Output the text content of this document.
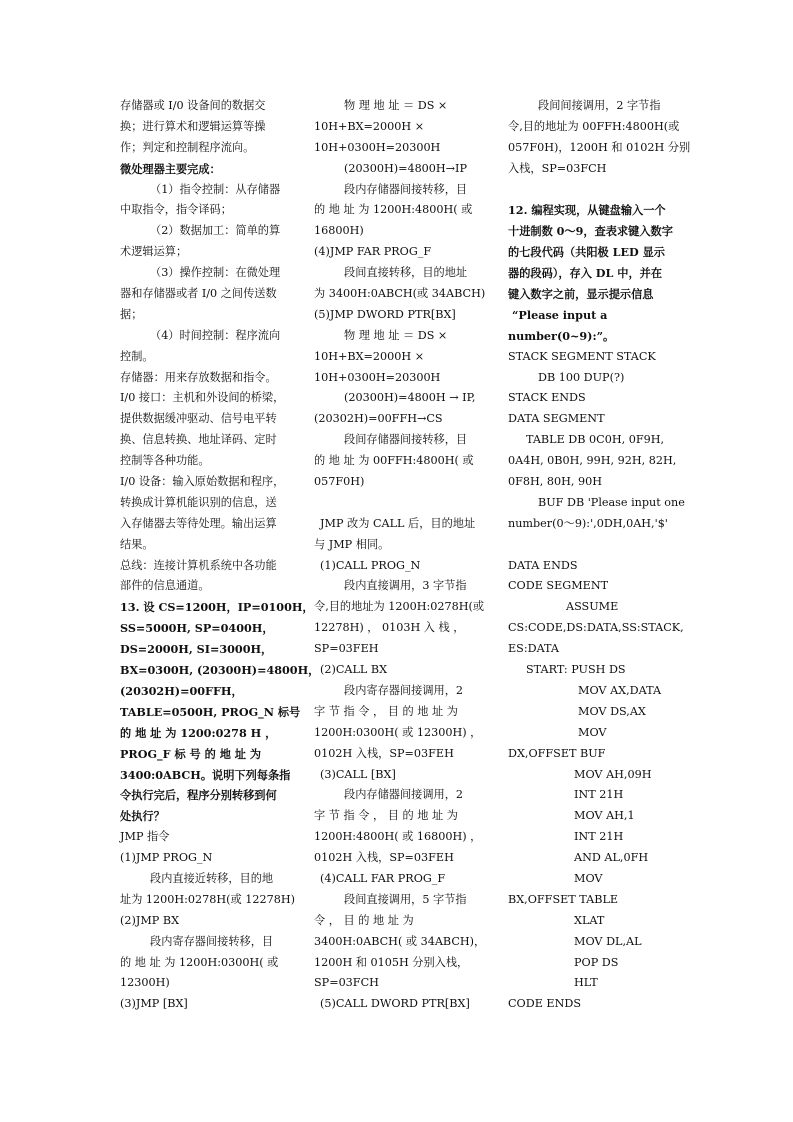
存储器或 I/0 设备间的数据交
换；进行算术和逻辑运算等操
作；判定和控制程序流向。
微处理器主要完成：
（1）指令控制：从存储器
中取指令，指令译码；
（2）数据加工：简单的算
术逻辑运算；
（3）操作控制：在微处理
器和存储器或者 I/0 之间传送数
据；
（4）时间控制：程序流向
控制。
存储器：用来存放数据和指令。
I/0 接口：主机和外设间的桥梁，
提供数据缓冲驱动、信号电平转
换、信息转换、地址译码、定时
控制等各种功能。
I/0 设备：输入原始数据和程序，
转换成计算机能识别的信息，送
入存储器去等待处理。输出运算
结果。
总线：连接计算机系统中各功能
部件的信息通道。
13. 设 CS=1200H，IP=0100H，
SS=5000H, SP=0400H，
DS=2000H, SI=3000H，
BX=0300H, (20300H)=4800H，
(20302H)=00FFH，
TABLE=0500H, PROG_N 标号
的 地 址 为 1200:0278 H ，
PROG_F 标 号 的 地 址 为
3400:0ABCH。说明下列每条指
令执行完后，程序分别转移到何
处执行？
JMP 指令
(1)JMP PROG_N
段内直接近转移，目的地
址为 1200H:0278H(或 12278H)
(2)JMP BX
段内寄存器间接转移，目
的 地 址 为 1200H:0300H( 或
12300H)
(3)JMP [BX]
物 理 地 址 ＝ DS ×
10H+BX=2000H ×
10H+0300H=20300H
(20300H)=4800H→IP
段内存储器间接转移，目
的 地 址 为 1200H:4800H( 或
16800H)
(4)JMP FAR PROG_F
段间直接转移，目的地址
为 3400H:0ABCH(或 34ABCH)
(5)JMP DWORD PTR[BX]
物 理 地 址 ＝ DS ×
10H+BX=2000H ×
10H+0300H=20300H
(20300H)=4800H → IP,
(20302H)=00FFH→CS
段间存储器间接转移，目
的 地 址 为 00FFH:4800H( 或
057F0H)
JMP 改为 CALL 后，目的地址
与 JMP 相同。
(1)CALL PROG_N
段内直接调用，3 字节指
令,目的地址为 1200H:0278H(或
12278H) ， 0103H 入 栈 ，
SP=03FEH
(2)CALL BX
段内寄存器间接调用，2
字 节 指 令 ， 目 的 地 址 为
1200H:0300H( 或 12300H) ，
0102H 入栈，SP=03FEH
(3)CALL [BX]
段内存储器间接调用，2
字 节 指 令 ， 目 的 地 址 为
1200H:4800H( 或 16800H) ，
0102H 入栈，SP=03FEH
(4)CALL FAR PROG_F
段间直接调用，5 字节指
令 ， 目 的 地 址 为
3400H:0ABCH( 或 34ABCH)，
1200H 和 0105H 分别入栈，
SP=03FCH
(5)CALL DWORD PTR[BX]
段间间接调用，2 字节指
令,目的地址为 00FFH:4800H(或
057F0H)，1200H 和 0102H 分别
入栈，SP=03FCH
12. 编程实现，从键盘输入一个
十进制数 0～9，查表求键入数字
的七段代码（共阳极 LED 显示
器的段码），存入 DL 中，并在
键入数字之前，显示提示信息
“Please input a
number(0~9):”。
STACK SEGMENT STACK
DB 100 DUP(?)
STACK ENDS
DATA SEGMENT
TABLE DB 0C0H, 0F9H,
0A4H, 0B0H, 99H, 92H, 82H,
0F8H, 80H, 90H
BUF DB 'Please input one
number(0～9):',0DH,0AH,'$'
DATA ENDS
CODE SEGMENT
ASSUME
CS:CODE,DS:DATA,SS:STACK,
ES:DATA
START: PUSH DS
MOV AX,DATA
MOV DS,AX
MOV
DX,OFFSET BUF
MOV AH,09H
INT 21H
MOV AH,1
INT 21H
AND AL,0FH
MOV
BX,OFFSET TABLE
XLAT
MOV DL,AL
POP DS
HLT
CODE ENDS
